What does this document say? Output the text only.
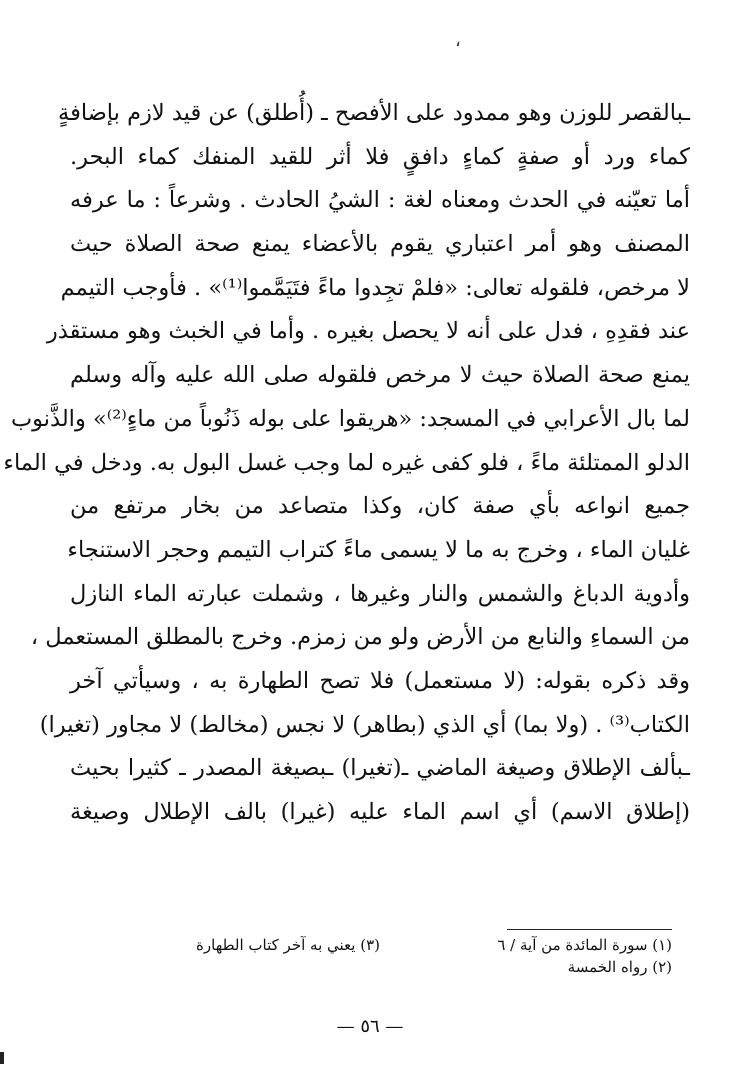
،
ـبالقصر للوزن وهو ممدود على الأفصح ـ (أُطلق) عن قيد لازم بإضافةٍ
كماء ورد أو صفةٍ كماءٍ دافقٍ فلا أثر للقيد المنفك كماء البحر.
أما تعيّنه في الحدث ومعناه لغة : الشيُ الحادث . وشرعاً : ما عرفه
المصنف وهو أمر اعتباري يقوم بالأعضاء يمنع صحة الصلاة حيث
لا مرخص، فلقوله تعالى: «فلمْ تجِدوا ماءً فتَيَمَّموا⁽¹⁾» . فأوجب التيمم
عند فقدِهِ ، فدل على أنه لا يحصل بغيره . وأما في الخبث وهو مستقذر
يمنع صحة الصلاة حيث لا مرخص فلقوله صلى الله عليه وآله وسلم
لما بال الأعرابي في المسجد: «هريقوا على بوله ذَنُوباً من ماءٍ⁽²⁾» والذَّنوب
الدلو الممتلئة ماءً ، فلو كفى غيره لما وجب غسل البول به. ودخل في الماء
جميع انواعه بأي صفة كان، وكذا متصاعد من بخار مرتفع من
غليان الماء ، وخرج به ما لا يسمى ماءً كتراب التيمم وحجر الاستنجاء
وأدوية الدباغ والشمس والنار وغيرها ، وشملت عبارته الماء النازل
من السماءِ والنابع من الأرض ولو من زمزم. وخرج بالمطلق المستعمل ،
وقد ذكره بقوله: (لا مستعمل) فلا تصح الطهارة به ، وسيأتي آخر
الكتاب⁽³⁾ . (ولا بما) أي الذي (بطاهر) لا نجس (مخالط) لا مجاور (تغيرا)
ـبألف الإطلاق وصيغة الماضي ـ(تغيرا) ـبصيغة المصدر ـ كثيرا بحيث
(إطلاق الاسم) أي اسم الماء عليه (غيرا) بالف الإطلال وصيغة
(١) سورة المائدة من آية / ٦
(٢) رواه الخمسة
(٣) يعني به آخر كتاب الطهارة
— ٥٦ —
